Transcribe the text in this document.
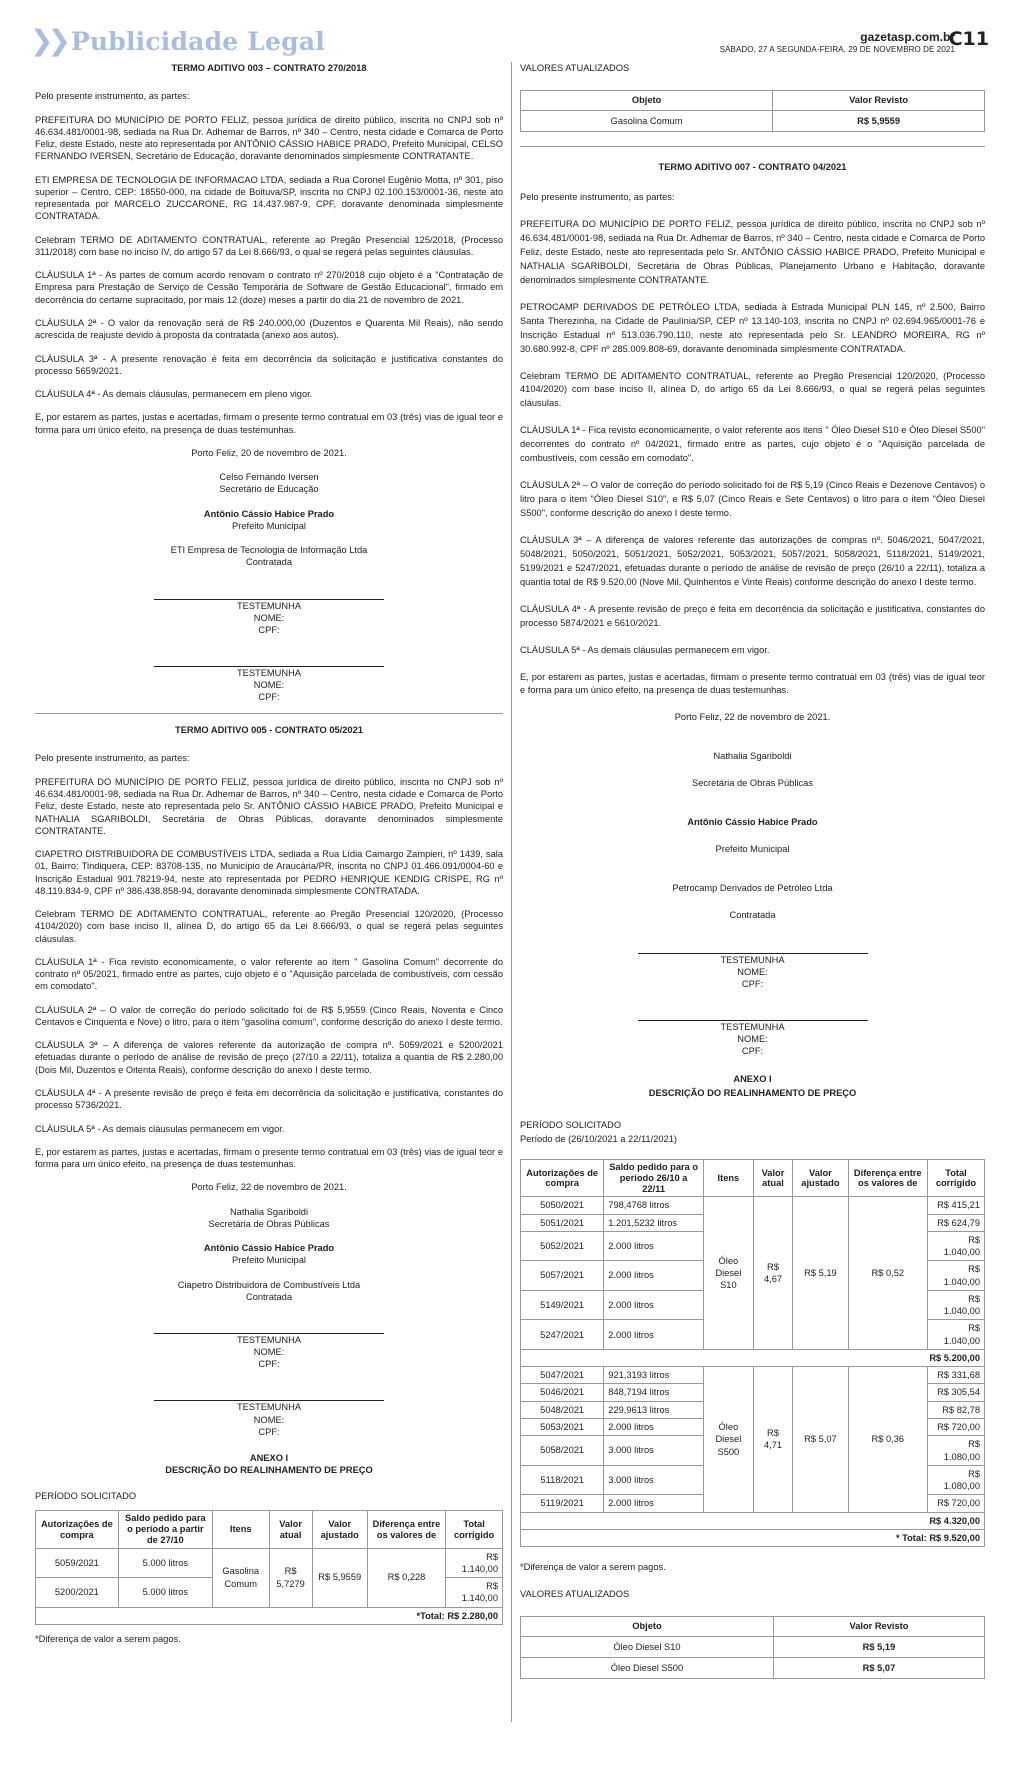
❯❯ Publicidade Legal	gazetasp.com.br
SÁBADO, 27 A SEGUNDA-FEIRA, 29 DE NOVEMBRO DE 2021
C11
TERMO ADITIVO 003 – CONTRATO 270/2018

Pelo presente instrumento, as partes:

PREFEITURA DO MUNICÍPIO DE PORTO FELIZ, pessoa jurídica de direito público, inscrita no CNPJ sob nº 46.634.481/0001-98, sediada na Rua Dr. Adhemar de Barros, nº 340 – Centro, nesta cidade e Comarca de Porto Feliz, deste Estado, neste ato representada por ANTÔNIO CÁSSIO HABICE PRADO, Prefeito Municipal, CELSO FERNANDO IVERSEN, Secretário de Educação, doravante denominados simplesmente CONTRATANTE.

ETI EMPRESA DE TECNOLOGIA DE INFORMACAO LTDA, sediada a Rua Coronel Eugênio Motta, nº 301, piso superior – Centro, CEP: 18550-000, na cidade de Boituva/SP, inscrita no CNPJ 02.100.153/0001-36, neste ato representada por MARCELO ZUCCARONE, RG 14.437.987-9, CPF, doravante denominada simplesmente CONTRATADA.

Celebram TERMO DE ADITAMENTO CONTRATUAL, referente ao Pregão Presencial 125/2018, (Processo 311/2018) com base no inciso IV, do artigo 57 da Lei 8.666/93, o qual se regerá pelas seguintes cláusulas.

CLÁUSULA 1ª - As partes de comum acordo renovam o contrato nº 270/2018 cujo objeto é a "Contratação de Empresa para Prestação de Serviço de Cessão Temporária de Software de Gestão Educacional", firmado em decorrência do certame supracitado, por mais 12 (doze) meses a partir do dia 21 de novembro de 2021.

CLÁUSULA 2ª - O valor da renovação será de R$ 240.000,00 (Duzentos e Quarenta Mil Reais), não sendo acrescida de reajuste devido à proposta da contratada (anexo aos autos).

CLÁUSULA 3ª - A presente renovação é feita em decorrência da solicitação e justificativa constantes do processo 5659/2021.

CLÁUSULA 4ª - As demais cláusulas, permanecem em pleno vigor.

E, por estarem as partes, justas e acertadas, firmam o presente termo contratual em 03 (três) vias de igual teor e forma para um único efeito, na presença de duas testemunhas.

Porto Feliz, 20 de novembro de 2021.

Celso Fernando Iversen

Secretário de Educação

Antônio Cássio Habice Prado

Prefeito Municipal

ETI Empresa de Tecnologia de Informação Ltda

Contratada

TESTEMUNHA
NOME:
CPF:
TESTEMUNHA
NOME:
CPF:
TERMO ADITIVO 005 - CONTRATO 05/2021

Pelo presente instrumento, as partes:

PREFEITURA DO MUNICÍPIO DE PORTO FELIZ, pessoa jurídica de direito público, inscrita no CNPJ sob nº 46.634.481/0001-98, sediada na Rua Dr. Adhemar de Barros, nº 340 – Centro, nesta cidade e Comarca de Porto Feliz, deste Estado, neste ato representada pelo Sr. ANTÔNIO CÁSSIO HABICE PRADO, Prefeito Municipal e NATHALIA SGARIBOLDI, Secretária de Obras Públicas, doravante denominados simplesmente CONTRATANTE.

CIAPETRO DISTRIBUIDORA DE COMBUSTÍVEIS LTDA, sediada a Rua Lídia Camargo Zampieri, nº 1439, sala 01, Bairro: Tindiquera, CEP: 83708-135, no Município de Araucária/PR, inscrita no CNPJ 01.466.091/0004-60 e Inscrição Estadual 901.78219-94, neste ato representada por PEDRO HENRIQUE KENDIG CRISPE, RG nº 48.119.834-9, CPF nº 386.438.858-94, doravante denominada simplesmente CONTRATADA.

Celebram TERMO DE ADITAMENTO CONTRATUAL, referente ao Pregão Presencial 120/2020, (Processo 4104/2020) com base inciso II, alínea D, do artigo 65 da Lei 8.666/93, o qual se regerá pelas seguintes cláusulas.

CLÁUSULA 1ª - Fica revisto economicamente, o valor referente ao item " Gasolina Comum" decorrente do contrato nº 05/2021, firmado entre as partes, cujo objeto é o "Aquisição parcelada de combustíveis, com cessão em comodato".

CLÁUSULA 2ª – O valor de correção do período solicitado foi de R$ 5,9559 (Cinco Reais, Noventa e Cinco Centavos e Cinquenta e Nove) o litro, para o item "gasolina comum", conforme descrição do anexo I deste termo.

CLÁUSULA 3ª – A diferença de valores referente da autorização de compra nº. 5059/2021 e 5200/2021 efetuadas durante o período de análise de revisão de preço (27/10 a 22/11), totaliza a quantia de R$ 2.280,00 (Dois Mil, Duzentos e Oitenta Reais), conforme descrição do anexo I deste termo.

CLÁUSULA 4ª - A presente revisão de preço é feita em decorrência da solicitação e justificativa, constantes do processo 5736/2021.

CLÁUSULA 5ª - As demais cláusulas permanecem em vigor.

E, por estarem as partes, justas e acertadas, firmam o presente termo contratual em 03 (três) vias de igual teor e forma para um único efeito, na presença de duas testemunhas.

Porto Feliz, 22 de novembro de 2021.

Nathalia Sgariboldi

Secretária de Obras Públicas

Antônio Cássio Habice Prado

Prefeito Municipal

Ciapetro Distribuidora de Combustíveis Ltda

Contratada

TESTEMUNHA
NOME:
CPF:
TESTEMUNHA
NOME:
CPF:
ANEXO I
DESCRIÇÃO DO REALINHAMENTO DE PREÇO

PERÍODO SOLICITADO

Autorizações de compra	Saldo pedido para o período a partir de 27/10	Itens	Valor atual	Valor ajustado	Diferença entre os valores de	Total corrigido
5059/2021	5.000 litros	Gasolina Comum	R$ 5,7279	R$ 5,9559	R$ 0,228	R$ 1.140,00
5200/2021	5.000 litros					R$ 1.140,00
*Total: R$ 2.280,00						

*Diferença de valor a serem pagos.

VALORES ATUALIZADOS

Objeto	Valor Revisto
Gasolina Comum	R$ 5,9559
TERMO ADITIVO 007 - CONTRATO 04/2021

Pelo presente instrumento, as partes:

PREFEITURA DO MUNICÍPIO DE PORTO FELIZ, pessoa jurídica de direito público, inscrita no CNPJ sob nº 46.634.481/0001-98, sediada na Rua Dr. Adhemar de Barros, nº 340 – Centro, nesta cidade e Comarca de Porto Feliz, deste Estado, neste ato representada pelo Sr. ANTÔNIO CÁSSIO HABICE PRADO, Prefeito Municipal e NATHALIA SGARIBOLDI, Secretária de Obras Públicas, Planejamento Urbano e Habitação, doravante denominados simplesmente CONTRATANTE.

PETROCAMP DERIVADOS DE PETRÓLEO LTDA, sediada à Estrada Municipal PLN 145, nº 2.500, Bairro Santa Therezinha, na Cidade de Paulínia/SP, CEP nº 13.140-103, inscrita no CNPJ nº 02.694.965/0001-76 e Inscrição Estadual nº 513.036.790.110, neste ato representada pelo Sr. LEANDRO MOREIRA, RG nº 30.680.992-8, CPF nº 285.009.808-69, doravante denominada simplesmente CONTRATADA.

Celebram TERMO DE ADITAMENTO CONTRATUAL, referente ao Pregão Presencial 120/2020, (Processo 4104/2020) com base inciso II, alínea D, do artigo 65 da Lei 8.666/93, o qual se regerá pelas seguintes cláusulas.

CLÁUSULA 1ª - Fica revisto economicamente, o valor referente aos itens " Óleo Diesel S10 e Óleo Diesel S500" decorrentes do contrato nº 04/2021, firmado entre as partes, cujo objeto é o "Aquisição parcelada de combustíveis, com cessão em comodato".

CLÁUSULA 2ª – O valor de correção do período solicitado foi de R$ 5,19 (Cinco Reais e Dezenove Centavos) o litro para o item "Óleo Diesel S10", e R$ 5,07 (Cinco Reais e Sete Centavos) o litro para o item "Óleo Diesel S500", conforme descrição do anexo I deste termo.

CLÁUSULA 3ª – A diferença de valores referente das autorizações de compras nº. 5046/2021, 5047/2021, 5048/2021, 5050/2021, 5051/2021, 5052/2021, 5053/2021, 5057/2021, 5058/2021, 5118/2021, 5149/2021, 5199/2021 e 5247/2021, efetuadas durante o período de análise de revisão de preço (26/10 a 22/11), totaliza a quantia total de R$ 9.520,00 (Nove Mil, Quinhentos e Vinte Reais) conforme descrição do anexo I deste termo.

CLÁUSULA 4ª - A presente revisão de preço é feita em decorrência da solicitação e justificativa, constantes do processo 5874/2021 e 5610/2021.

CLÁUSULA 5ª - As demais cláusulas permanecem em vigor.

E, por estarem as partes, justas e acertadas, firmam o presente termo contratual em 03 (três) vias de igual teor e forma para um único efeito, na presença de duas testemunhas.

Porto Feliz, 22 de novembro de 2021.

Nathalia Sgariboldi

Secretária de Obras Públicas

Antônio Cássio Habice Prado

Prefeito Municipal

Petrocamp Derivados de Petróleo Ltda

Contratada

TESTEMUNHA
NOME:
CPF:
TESTEMUNHA
NOME:
CPF:
ANEXO I
DESCRIÇÃO DO REALINHAMENTO DE PREÇO
PERÍODO SOLICITADO
Período de (26/10/2021 a 22/11/2021)
Autorizações de compra	Saldo pedido para o período 26/10 a 22/11	Itens	Valor atual	Valor ajustado	Diferença entre os valores de	Total corrigido
5050/2021	798,4768 litros	Óleo Diesel S10	R$ 4,67	R$ 5,19	R$ 0,52	R$ 415,21
5051/2021	1.201,5232 litros					R$ 624,79
5052/2021	2.000 litros					R$ 1.040,00
5057/2021	2.000 litros					R$ 1.040,00
5149/2021	2.000 litros					R$ 1.040,00
5247/2021	2.000 litros					R$ 1.040,00
R$ 5.200,00						
5047/2021	921,3193 litros	Óleo Diesel S500	R$ 4,71	R$ 5,07	R$ 0,36	R$ 331,68
5046/2021	848,7194 litros					R$ 305,54
5048/2021	229,9613 litros					R$ 82,78
5053/2021	2.000 litros					R$ 720,00
5058/2021	3.000 litros					R$ 1.080,00
5118/2021	3.000 litros					R$ 1.080,00
5119/2021	2.000 litros					R$ 720,00
R$ 4.320,00						
* Total: R$ 9.520,00						

*Diferença de valor a serem pagos.

VALORES ATUALIZADOS

Objeto	Valor Revisto
Óleo Diesel S10	R$ 5,19
Óleo Diesel S500	R$ 5,07
